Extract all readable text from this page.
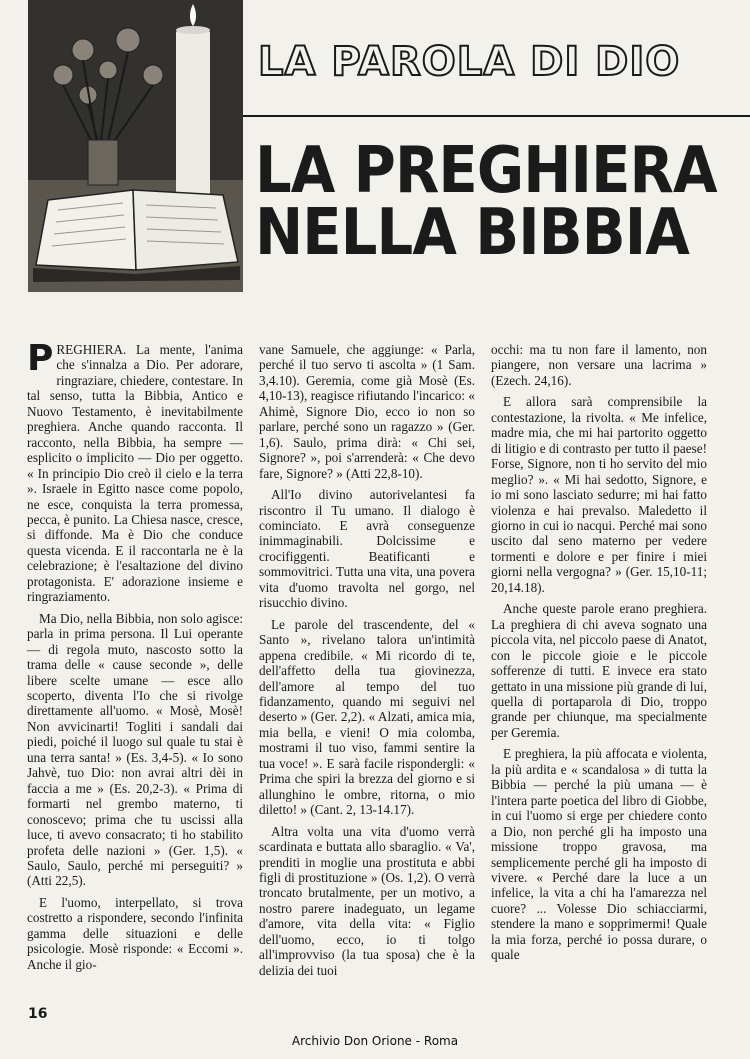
LA PAROLA DI DIO
LA PREGHIERA
NELLA BIBBIA

PREGHIERA. La mente, l'anima che s'innalza a Dio. Per adorare, ringraziare, chiedere, contestare. In tal senso, tutta la Bibbia, Antico e Nuovo Testamento, è inevitabilmente preghiera. Anche quando racconta. Il racconto, nella Bibbia, ha sempre — esplicito o implicito — Dio per oggetto. « In principio Dio creò il cielo e la terra ». Israele in Egitto nasce come popolo, ne esce, conquista la terra promessa, pecca, è punito. La Chiesa nasce, cresce, si diffonde. Ma è Dio che conduce questa vicenda. E il raccontarla ne è la celebrazione; è l'esaltazione del divino protagonista. E' adorazione insieme e ringraziamento.

Ma Dio, nella Bibbia, non solo agisce: parla in prima persona. Il Lui operante — di regola muto, nascosto sotto la trama delle « cause seconde », delle libere scelte umane — esce allo scoperto, diventa l'Io che si rivolge direttamente all'uomo. « Mosè, Mosè! Non avvicinarti! Togliti i sandali dai piedi, poiché il luogo sul quale tu stai è una terra santa! » (Es. 3,4-5). « Io sono Jahvè, tuo Dio: non avrai altri dèi in faccia a me » (Es. 20,2-3). « Prima di formarti nel grembo materno, ti conoscevo; prima che tu uscissi alla luce, ti avevo consacrato; ti ho stabilito profeta delle nazioni » (Ger. 1,5). « Saulo, Saulo, perché mi perseguiti? » (Atti 22,5).

E l'uomo, interpellato, si trova costretto a rispondere, secondo l'infinita gamma delle situazioni e delle psicologie. Mosè risponde: « Eccomi ». Anche il gio-

vane Samuele, che aggiunge: « Parla, perché il tuo servo ti ascolta » (1 Sam. 3,4.10). Geremia, come già Mosè (Es. 4,10-13), reagisce rifiutando l'incarico: « Ahimè, Signore Dio, ecco io non so parlare, perché sono un ragazzo » (Ger. 1,6). Saulo, prima dirà: « Chi sei, Signore? », poi s'arrenderà: « Che devo fare, Signore? » (Atti 22,8-10).

All'Io divino autorivelantesi fa riscontro il Tu umano. Il dialogo è cominciato. E avrà conseguenze inimmaginabili. Dolcissime e crocifiggenti. Beatificanti e sommovitrici. Tutta una vita, una povera vita d'uomo travolta nel gorgo, nel risucchio divino.

Le parole del trascendente, del « Santo », rivelano talora un'intimità appena credibile. « Mi ricordo di te, dell'affetto della tua giovinezza, dell'amore al tempo del tuo fidanzamento, quando mi seguivi nel deserto » (Ger. 2,2). « Alzati, amica mia, mia bella, e vieni! O mia colomba, mostrami il tuo viso, fammi sentire la tua voce! ». E sarà facile rispondergli: « Prima che spiri la brezza del giorno e si allunghino le ombre, ritorna, o mio diletto! » (Cant. 2, 13-14.17).

Altra volta una vita d'uomo verrà scardinata e buttata allo sbaraglio. « Va', prenditi in moglie una prostituta e abbi figli di prostituzione » (Os. 1,2). O verrà troncato brutalmente, per un motivo, a nostro parere inadeguato, un legame d'amore, vita della vita: « Figlio dell'uomo, ecco, io ti tolgo all'improvviso (la tua sposa) che è la delizia dei tuoi

occhi: ma tu non fare il lamento, non piangere, non versare una lacrima » (Ezech. 24,16).

E allora sarà comprensibile la contestazione, la rivolta. « Me infelice, madre mia, che mi hai partorito oggetto di litigio e di contrasto per tutto il paese! Forse, Signore, non ti ho servito del mio meglio? ». « Mi hai sedotto, Signore, e io mi sono lasciato sedurre; mi hai fatto violenza e hai prevalso. Maledetto il giorno in cui io nacqui. Perché mai sono uscito dal seno materno per vedere tormenti e dolore e per finire i miei giorni nella vergogna? » (Ger. 15,10-11; 20,14.18).

Anche queste parole erano preghiera. La preghiera di chi aveva sognato una piccola vita, nel piccolo paese di Anatot, con le piccole gioie e le piccole sofferenze di tutti. E invece era stato gettato in una missione più grande di lui, quella di portaparola di Dio, troppo grande per chiunque, ma specialmente per Geremia.

E preghiera, la più affocata e violenta, la più ardita e « scandalosa » di tutta la Bibbia — perché la più umana — è l'intera parte poetica del libro di Giobbe, in cui l'uomo si erge per chiedere conto a Dio, non perché gli ha imposto una missione troppo gravosa, ma semplicemente perché gli ha imposto di vivere. « Perché dare la luce a un infelice, la vita a chi ha l'amarezza nel cuore? ... Volesse Dio schiacciarmi, stendere la mano e sopprimermi! Quale la mia forza, perché io possa durare, o quale

16
Archivio Don Orione - Roma
